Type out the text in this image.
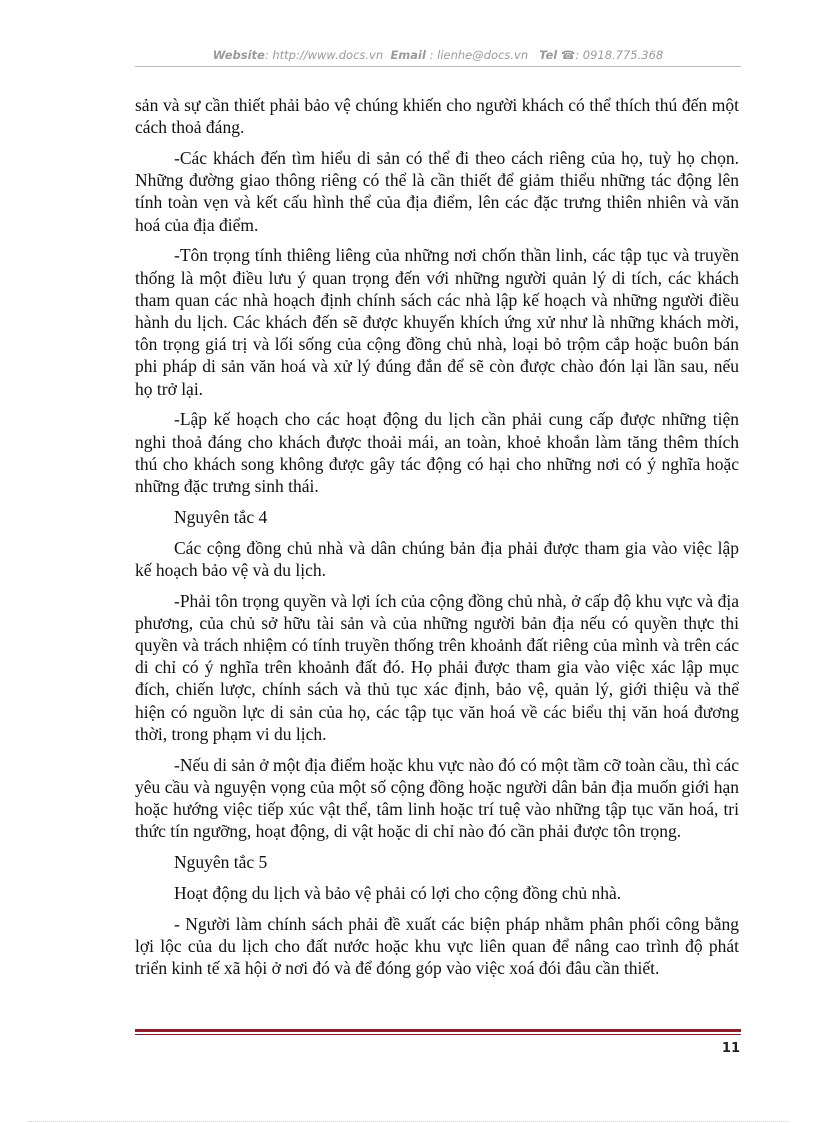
Website: http://www.docs.vn Email : lienhe@docs.vn Tel ☎: 0918.775.368

sản và sự cần thiết phải bảo vệ chúng khiến cho người khách có thể thích thú đến một cách thoả đáng.

-Các khách đến tìm hiểu di sản có thể đi theo cách riêng của họ, tuỳ họ chọn. Những đường giao thông riêng có thể là cần thiết để giảm thiểu những tác động lên tính toàn vẹn và kết cấu hình thể của địa điểm, lên các đặc trưng thiên nhiên và văn hoá của địa điểm.

-Tôn trọng tính thiêng liêng của những nơi chốn thần linh, các tập tục và truyền thống là một điều lưu ý quan trọng đến với những người quản lý di tích, các khách tham quan các nhà hoạch định chính sách các nhà lập kế hoạch và những người điều hành du lịch. Các khách đến sẽ được khuyến khích ứng xử như là những khách mời, tôn trọng giá trị và lối sống của cộng đồng chủ nhà, loại bỏ trộm cắp hoặc buôn bán phi pháp di sản văn hoá và xử lý đúng đắn để sẽ còn được chào đón lại lần sau, nếu họ trở lại.

-Lập kế hoạch cho các hoạt động du lịch cần phải cung cấp được những tiện nghi thoả đáng cho khách được thoải mái, an toàn, khoẻ khoắn làm tăng thêm thích thú cho khách song không được gây tác động có hại cho những nơi có ý nghĩa hoặc những đặc trưng sinh thái.

Nguyên tắc 4

Các cộng đồng chủ nhà và dân chúng bản địa phải được tham gia vào việc lập kế hoạch bảo vệ và du lịch.

-Phải tôn trọng quyền và lợi ích của cộng đồng chủ nhà, ở cấp độ khu vực và địa phương, của chủ sở hữu tài sản và của những người bản địa nếu có quyền thực thi quyền và trách nhiệm có tính truyền thống trên khoảnh đất riêng của mình và trên các di chỉ có ý nghĩa trên khoảnh đất đó. Họ phải được tham gia vào việc xác lập mục đích, chiến lược, chính sách và thủ tục xác định, bảo vệ, quản lý, giới thiệu và thể hiện có nguồn lực di sản của họ, các tập tục văn hoá về các biểu thị văn hoá đương thời, trong phạm vi du lịch.

-Nếu di sản ở một địa điểm hoặc khu vực nào đó có một tầm cỡ toàn cầu, thì các yêu cầu và nguyện vọng của một số cộng đồng hoặc người dân bản địa muốn giới hạn hoặc hướng việc tiếp xúc vật thể, tâm linh hoặc trí tuệ vào những tập tục văn hoá, tri thức tín ngưỡng, hoạt động, di vật hoặc di chỉ nào đó cần phải được tôn trọng.

Nguyên tắc 5

Hoạt động du lịch và bảo vệ phải có lợi cho cộng đồng chủ nhà.

- Người làm chính sách phải đề xuất các biện pháp nhằm phân phối công bằng lợi lộc của du lịch cho đất nước hoặc khu vực liên quan để nâng cao trình độ phát triển kinh tế xã hội ở nơi đó và để đóng góp vào việc xoá đói đâu cần thiết.

11
